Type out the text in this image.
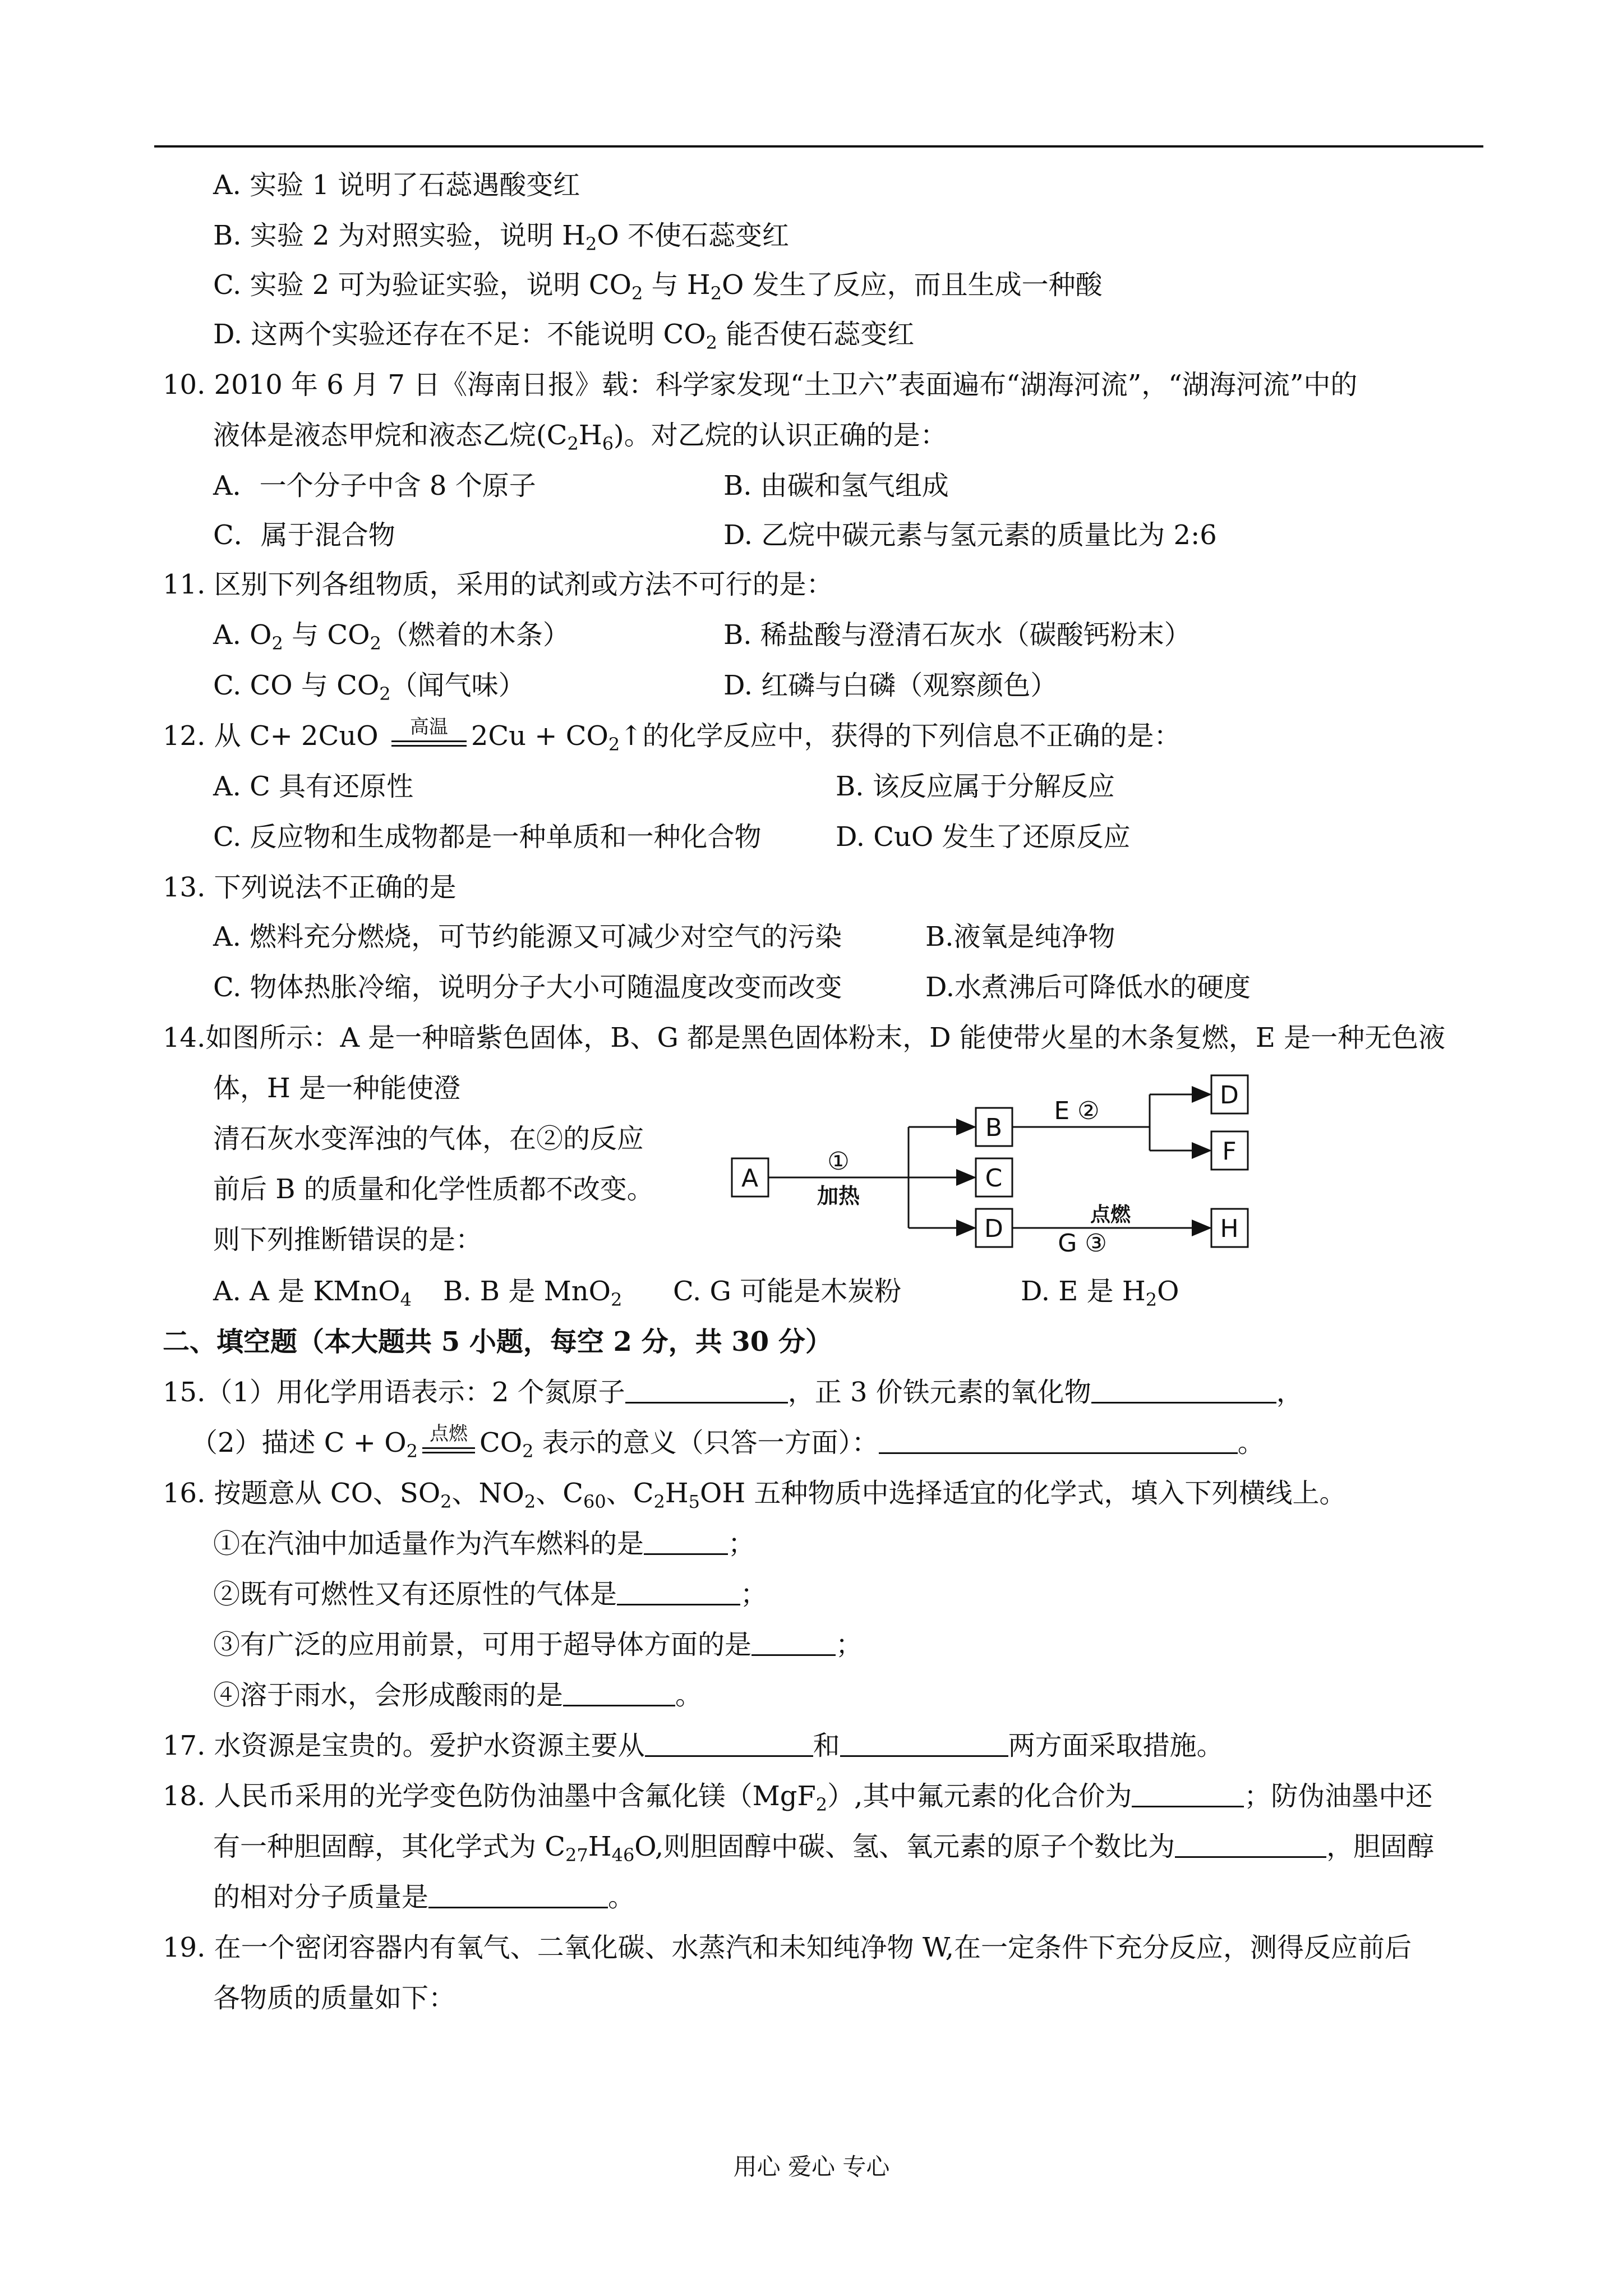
A. 实验 1 说明了石蕊遇酸变红
B. 实验 2 为对照实验，说明 $H_2O$ 不使石蕊变红
C. 实验 2 可为验证实验，说明 $CO_2$ 与 $H_2O$ 发生了反应，而且生成一种酸
D. 这两个实验还存在不足：不能说明 $CO_2$ 能否使石蕊变红
10. 2010 年 6 月 7 日《海南日报》载：科学家发现“土卫六”表面遍布“湖海河流”，“湖海河流”中的
液体是液态甲烷和液态乙烷$(C_2H_6)$。对乙烷的认识正确的是：
A．一个分子中含 8 个原子	B. 由碳和氢气组成
C．属于混合物	D. 乙烷中碳元素与氢元素的质量比为 2:6
11. 区别下列各组物质，采用的试剂或方法不可行的是：
A. $O_2$ 与 $CO_2$（燃着的木条）	B. 稀盐酸与澄清石灰水（碳酸钙粉末）
C. CO 与 $CO_2$（闻气味）	D. 红磷与白磷（观察颜色）
12. 从 C+ 2CuO	高温 $2Cu + CO_2↑$的化学反应中，获得的下列信息不正确的是：
A. C 具有还原性	B. 该反应属于分解反应
C. 反应物和生成物都是一种单质和一种化合物	D. CuO 发生了还原反应
13. 下列说法不正确的是
A. 燃料充分燃烧，可节约能源又可减少对空气的污染	B.液氧是纯净物
C. 物体热胀冷缩，说明分子大小可随温度改变而改变	D.水煮沸后可降低水的硬度
14.如图所示：A 是一种暗紫色固体，B、G 都是黑色固体粉末，D 能使带火星的木条复燃，E 是一种无色液
体，H 是一种能使澄
清石灰水变浑浊的气体，在②的反应
前后 B 的质量和化学性质都不改变。
则下列推断错误的是：
A
B
C
D
D
F
H
①
加热
E ②
点燃
G ③
A. A 是 KMnO$_4$ B. B 是 MnO$_2$ C. G 可能是木炭粉	D. E 是 $H_2O$
二、填空题（本大题共 5 小题，每空 2 分，共 30 分）
15.（1）用化学用语表示：2 个氮原子	，正 3 价铁元素的氧化物	，
（2）描述 $C + O_2$
点燃 $CO_2$ 表示的意义（只答一方面）：	。
16. 按题意从 CO、$SO_2$、$NO_2$、$C_{60}$、$C_2H_5OH$ 五种物质中选择适宜的化学式，填入下列横线上。
①在汽油中加适量作为汽车燃料的是	；
②既有可燃性又有还原性的气体是	；
③有广泛的应用前景，可用于超导体方面的是	；
④溶于雨水，会形成酸雨的是	。
17. 水资源是宝贵的。爱护水资源主要从	和	两方面采取措施。
18. 人民币采用的光学变色防伪油墨中含氟化镁（MgF$_2$）,其中氟元素的化合价为	；防伪油墨中还
有一种胆固醇，其化学式为 $C_{27}H_{46}O$,则胆固醇中碳、氢、氧元素的原子个数比为	，胆固醇
的相对分子质量是	。
19. 在一个密闭容器内有氧气、二氧化碳、水蒸汽和未知纯净物 W,在一定条件下充分反应，测得反应前后
各物质的质量如下：
用心 爱心 专心
